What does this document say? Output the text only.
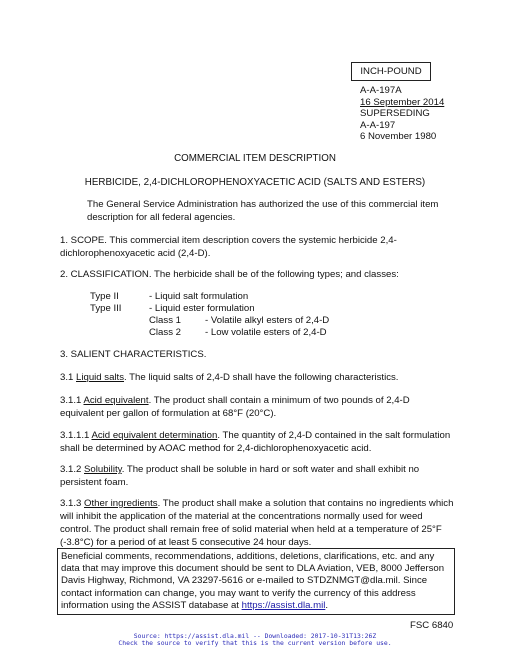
INCH-POUND
A-A-197A
16 September 2014
SUPERSEDING
A-A-197
6 November 1980
COMMERCIAL ITEM DESCRIPTION
HERBICIDE, 2,4-DICHLOROPHENOXYACETIC ACID (SALTS AND ESTERS)
The General Service Administration has authorized the use of this commercial item description for all federal agencies.
1. SCOPE. This commercial item description covers the systemic herbicide 2,4-dichlorophenoxyacetic acid (2,4-D).
2. CLASSIFICATION. The herbicide shall be of the following types; and classes:
Type II	- Liquid salt formulation	
Type III	- Liquid ester formulation	
	Class 1	- Volatile alkyl esters of 2,4-D
	Class 2	- Low volatile esters of 2,4-D
3. SALIENT CHARACTERISTICS.
3.1 Liquid salts. The liquid salts of 2,4-D shall have the following characteristics.
3.1.1 Acid equivalent. The product shall contain a minimum of two pounds of 2,4-D equivalent per gallon of formulation at 68°F (20°C).
3.1.1.1 Acid equivalent determination. The quantity of 2,4-D contained in the salt formulation shall be determined by AOAC method for 2,4-dichlorophenoxyacetic acid.
3.1.2 Solubility. The product shall be soluble in hard or soft water and shall exhibit no persistent foam.
3.1.3 Other ingredients. The product shall make a solution that contains no ingredients which will inhibit the application of the material at the concentrations normally used for weed control. The product shall remain free of solid material when held at a temperature of 25°F (-3.8°C) for a period of at least 5 consecutive 24 hour days.
Beneficial comments, recommendations, additions, deletions, clarifications, etc. and any data that may improve this document should be sent to DLA Aviation, VEB, 8000 Jefferson Davis Highway, Richmond, VA 23297-5616 or e-mailed to STDZNMGT@dla.mil. Since contact information can change, you may want to verify the currency of this address information using the ASSIST database at https://assist.dla.mil.
FSC 6840
Source: https://assist.dla.mil -- Downloaded: 2017-10-31T13:26Z
Check the source to verify that this is the current version before use.
